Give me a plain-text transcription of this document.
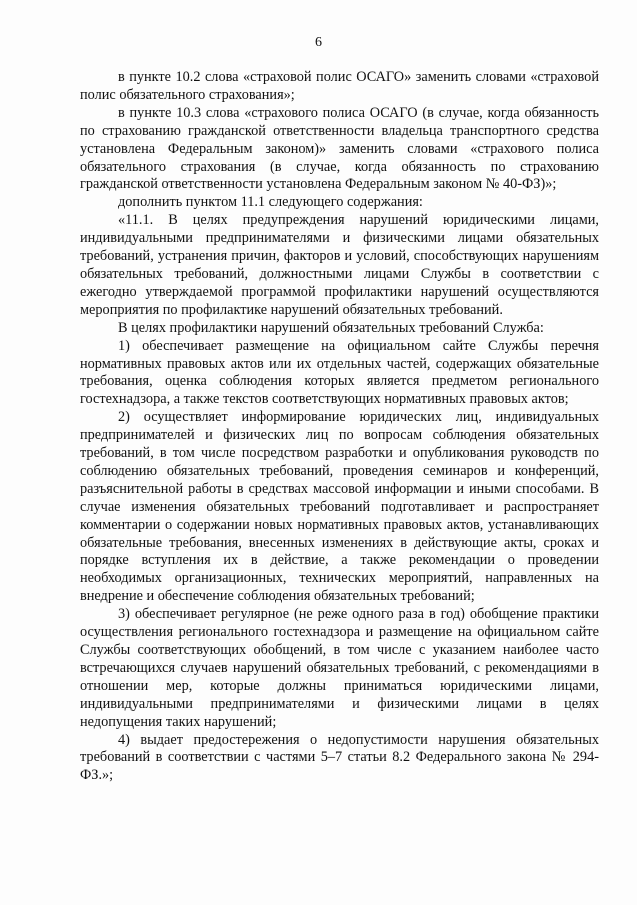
6

в пункте 10.2 слова «страховой полис ОСАГО» заменить словами «страховой полис обязательного страхования»;

в пункте 10.3 слова «страхового полиса ОСАГО (в случае, когда обязанность по страхованию гражданской ответственности владельца транспортного средства установлена Федеральным законом)» заменить словами «страхового полиса обязательного страхования (в случае, когда обязанность по страхованию гражданской ответственности установлена Федеральным законом № 40-ФЗ)»;

дополнить пунктом 11.1 следующего содержания:

«11.1. В целях предупреждения нарушений юридическими лицами, индивидуальными предпринимателями и физическими лицами обязательных требований, устранения причин, факторов и условий, способствующих нарушениям обязательных требований, должностными лицами Службы в соответствии с ежегодно утверждаемой программой профилактики нарушений осуществляются мероприятия по профилактике нарушений обязательных требований.

В целях профилактики нарушений обязательных требований Служба:

1) обеспечивает размещение на официальном сайте Службы перечня нормативных правовых актов или их отдельных частей, содержащих обязательные требования, оценка соблюдения которых является предметом регионального гостехнадзора, а также текстов соответствующих нормативных правовых актов;

2) осуществляет информирование юридических лиц, индивидуальных предпринимателей и физических лиц по вопросам соблюдения обязательных требований, в том числе посредством разработки и опубликования руководств по соблюдению обязательных требований, проведения семинаров и конференций, разъяснительной работы в средствах массовой информации и иными способами. В случае изменения обязательных требований подготавливает и распространяет комментарии о содержании новых нормативных правовых актов, устанавливающих обязательные требования, внесенных изменениях в действующие акты, сроках и порядке вступления их в действие, а также рекомендации о проведении необходимых организационных, технических мероприятий, направленных на внедрение и обеспечение соблюдения обязательных требований;

3) обеспечивает регулярное (не реже одного раза в год) обобщение практики осуществления регионального гостехнадзора и размещение на официальном сайте Службы соответствующих обобщений, в том числе с указанием наиболее часто встречающихся случаев нарушений обязательных требований, с рекомендациями в отношении мер, которые должны приниматься юридическими лицами, индивидуальными предпринимателями и физическими лицами в целях недопущения таких нарушений;

4) выдает предостережения о недопустимости нарушения обязательных требований в соответствии с частями 5–7 статьи 8.2 Федерального закона № 294-ФЗ.»;
